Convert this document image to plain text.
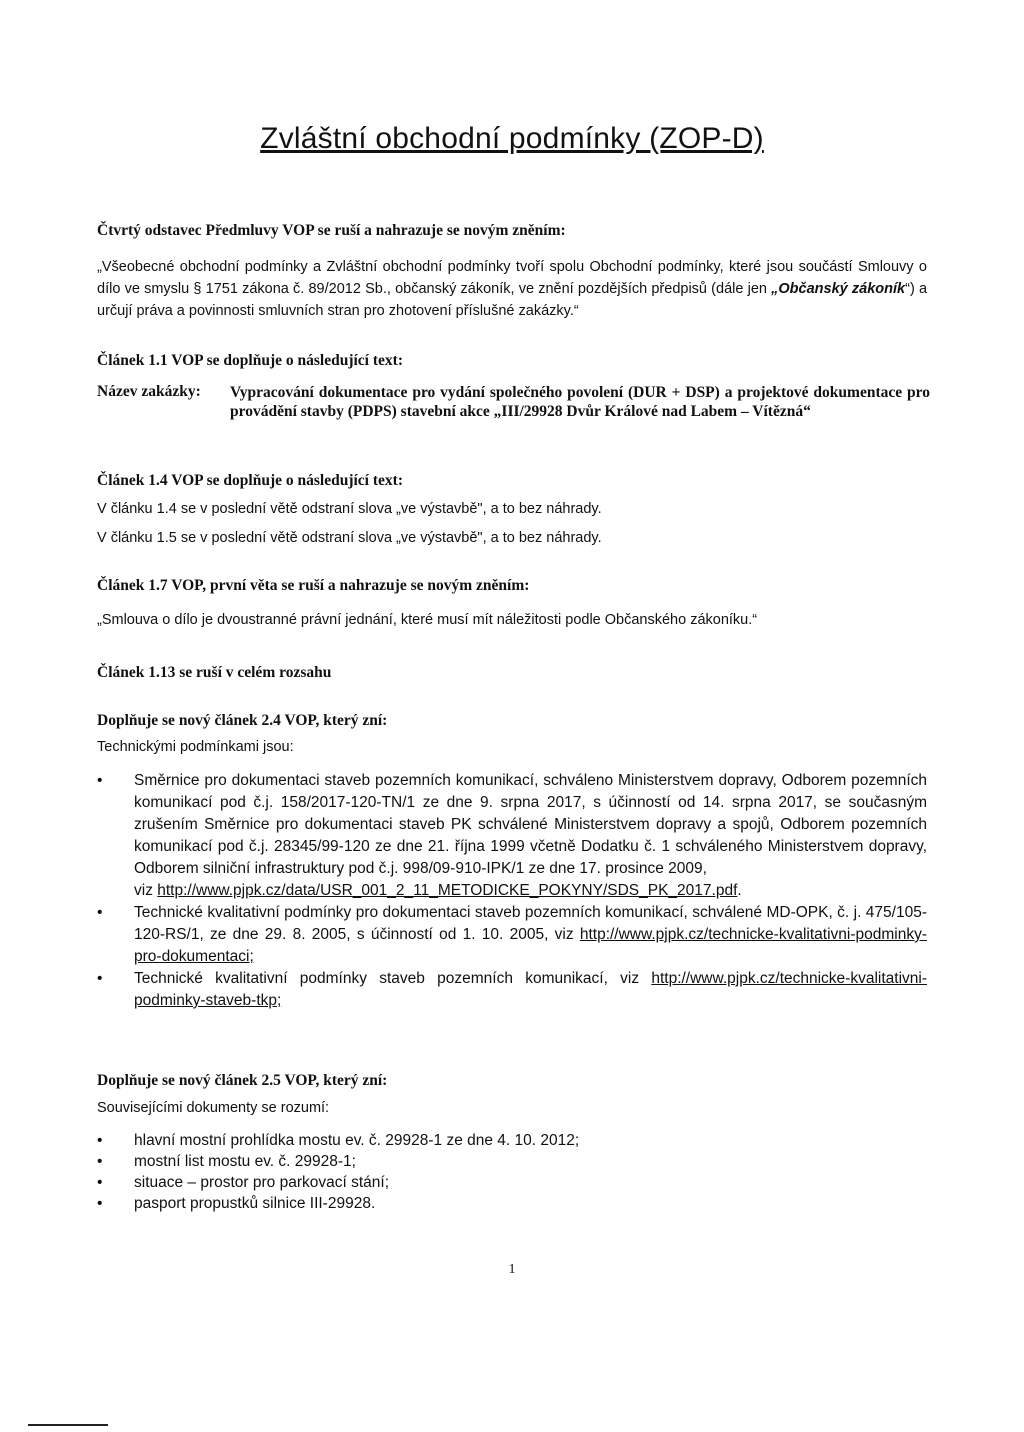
Zvláštní obchodní podmínky (ZOP-D)
Čtvrtý odstavec Předmluvy VOP se ruší a nahrazuje se novým zněním:
„Všeobecné obchodní podmínky a Zvláštní obchodní podmínky tvoří spolu Obchodní podmínky, které jsou součástí Smlouvy o dílo ve smyslu § 1751 zákona č. 89/2012 Sb., občanský zákoník, ve znění pozdějších předpisů (dále jen „Občanský zákoník“) a určují práva a povinnosti smluvních stran pro zhotovení příslušné zakázky.“
Článek 1.1 VOP se doplňuje o následující text:
Název zakázky: Vypracování dokumentace pro vydání společného povolení (DUR + DSP) a projektové dokumentace pro provádění stavby (PDPS) stavební akce „III/29928 Dvůr Králové nad Labem – Vítězná“
Článek 1.4 VOP se doplňuje o následující text:
V článku 1.4 se v poslední větě odstraní slova „ve výstavbě", a to bez náhrady.
V článku 1.5 se v poslední větě odstraní slova „ve výstavbě", a to bez náhrady.
Článek 1.7 VOP, první věta se ruší a nahrazuje se novým zněním:
„Smlouva o dílo je dvoustranné právní jednání, které musí mít náležitosti podle Občanského zákoníku.“
Článek 1.13 se ruší v celém rozsahu
Doplňuje se nový článek 2.4 VOP, který zní:
Technickými podmínkami jsou:
• Směrnice pro dokumentaci staveb pozemních komunikací, schváleno Ministerstvem dopravy, Odborem pozemních komunikací pod č.j. 158/2017-120-TN/1 ze dne 9. srpna 2017, s účinností od 14. srpna 2017, se současným zrušením Směrnice pro dokumentaci staveb PK schválené Ministerstvem dopravy a spojů, Odborem pozemních komunikací pod č.j. 28345/99-120 ze dne 21. října 1999 včetně Dodatku č. 1 schváleného Ministerstvem dopravy, Odborem silniční infrastruktury pod č.j. 998/09-910-IPK/1 ze dne 17. prosince 2009,
viz http://www.pjpk.cz/data/USR_001_2_11_METODICKE_POKYNY/SDS_PK_2017.pdf.
• Technické kvalitativní podmínky pro dokumentaci staveb pozemních komunikací, schválené MD-OPK, č. j. 475/105-120-RS/1, ze dne 29. 8. 2005, s účinností od 1. 10. 2005, viz http://www.pjpk.cz/technicke-kvalitativni-podminky-pro-dokumentaci;
• Technické kvalitativní podmínky staveb pozemních komunikací, viz http://www.pjpk.cz/technicke-kvalitativni-podminky-staveb-tkp;
Doplňuje se nový článek 2.5 VOP, který zní:
Souvisejícími dokumenty se rozumí:
• hlavní mostní prohlídka mostu ev. č. 29928-1 ze dne 4. 10. 2012;
• mostní list mostu ev. č. 29928-1;
• situace – prostor pro parkovací stání;
• pasport propustků silnice III-29928.
1
